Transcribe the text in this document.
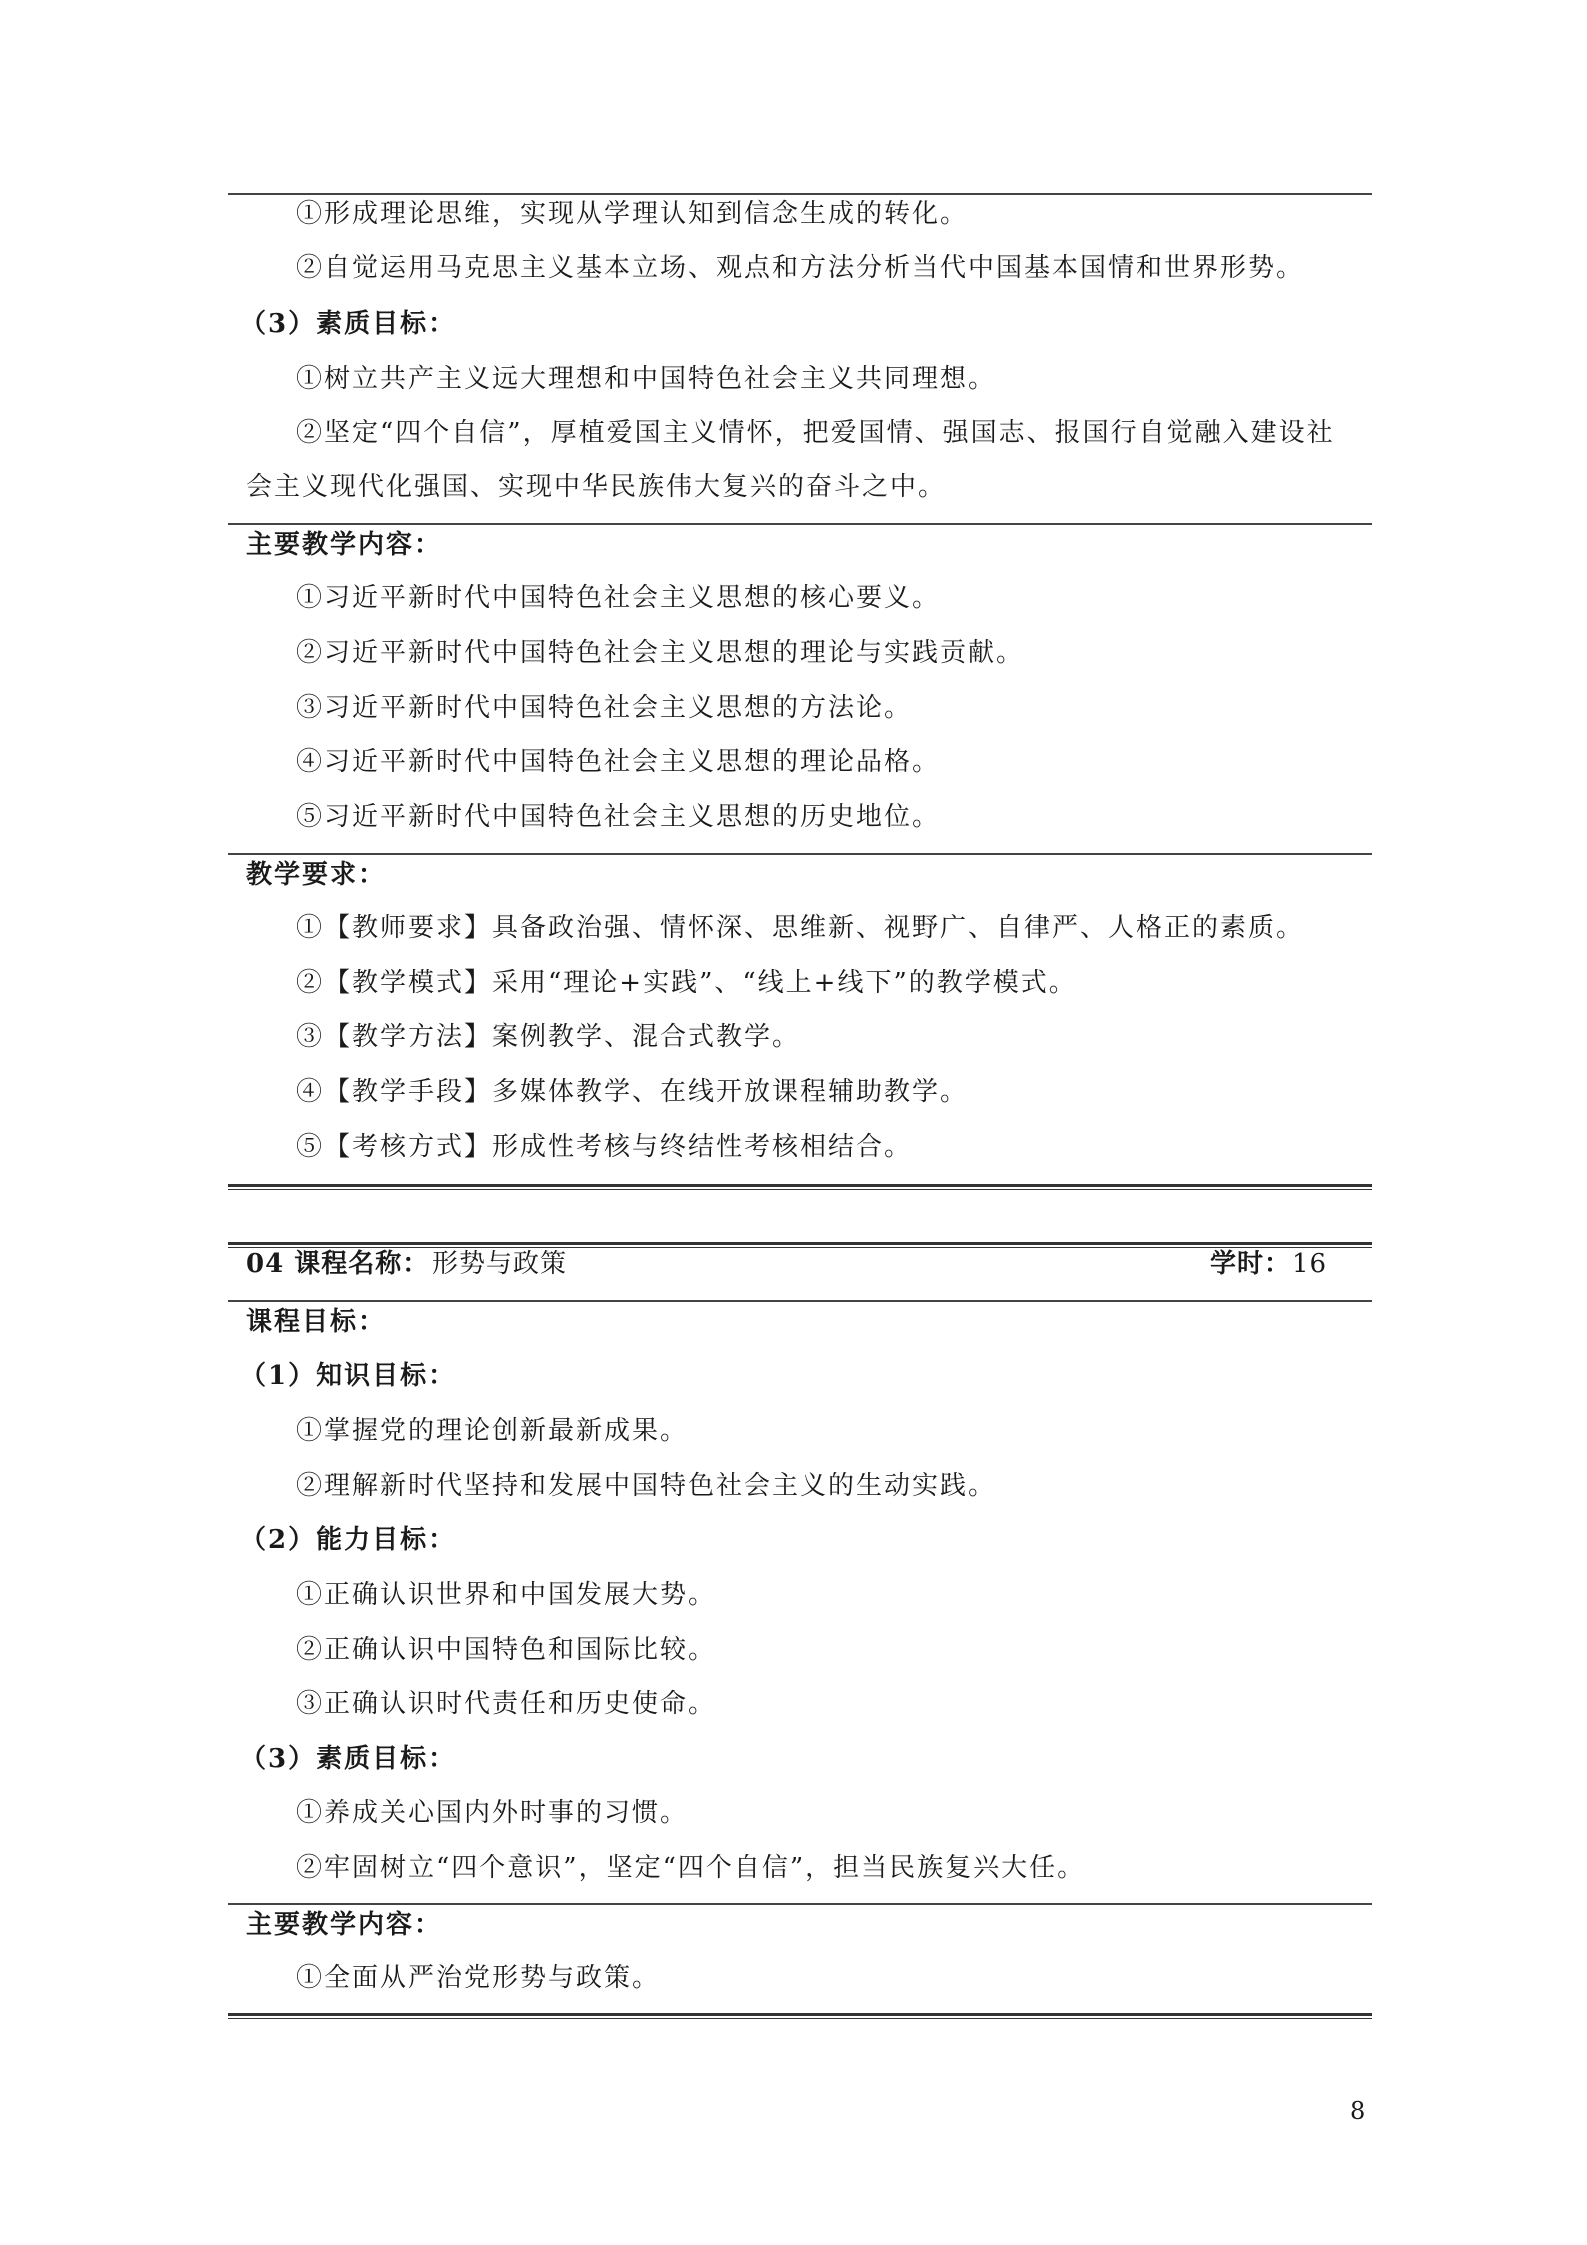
①形成理论思维，实现从学理认知到信念生成的转化。
②自觉运用马克思主义基本立场、观点和方法分析当代中国基本国情和世界形势。
（3）素质目标：
①树立共产主义远大理想和中国特色社会主义共同理想。
②坚定“四个自信”，厚植爱国主义情怀，把爱国情、强国志、报国行自觉融入建设社
会主义现代化强国、实现中华民族伟大复兴的奋斗之中。
主要教学内容：
①习近平新时代中国特色社会主义思想的核心要义。
②习近平新时代中国特色社会主义思想的理论与实践贡献。
③习近平新时代中国特色社会主义思想的方法论。
④习近平新时代中国特色社会主义思想的理论品格。
⑤习近平新时代中国特色社会主义思想的历史地位。
教学要求：
①【教师要求】具备政治强、情怀深、思维新、视野广、自律严、人格正的素质。
②【教学模式】采用“理论+实践”、“线上+线下”的教学模式。
③【教学方法】案例教学、混合式教学。
④【教学手段】多媒体教学、在线开放课程辅助教学。
⑤【考核方式】形成性考核与终结性考核相结合。
04 课程名称： 形势与政策	学时： 16
课程目标：
（1）知识目标：
①掌握党的理论创新最新成果。
②理解新时代坚持和发展中国特色社会主义的生动实践。
（2）能力目标：
①正确认识世界和中国发展大势。
②正确认识中国特色和国际比较。
③正确认识时代责任和历史使命。
（3）素质目标：
①养成关心国内外时事的习惯。
②牢固树立“四个意识”，坚定“四个自信”，担当民族复兴大任。
主要教学内容：
①全面从严治党形势与政策。
8
